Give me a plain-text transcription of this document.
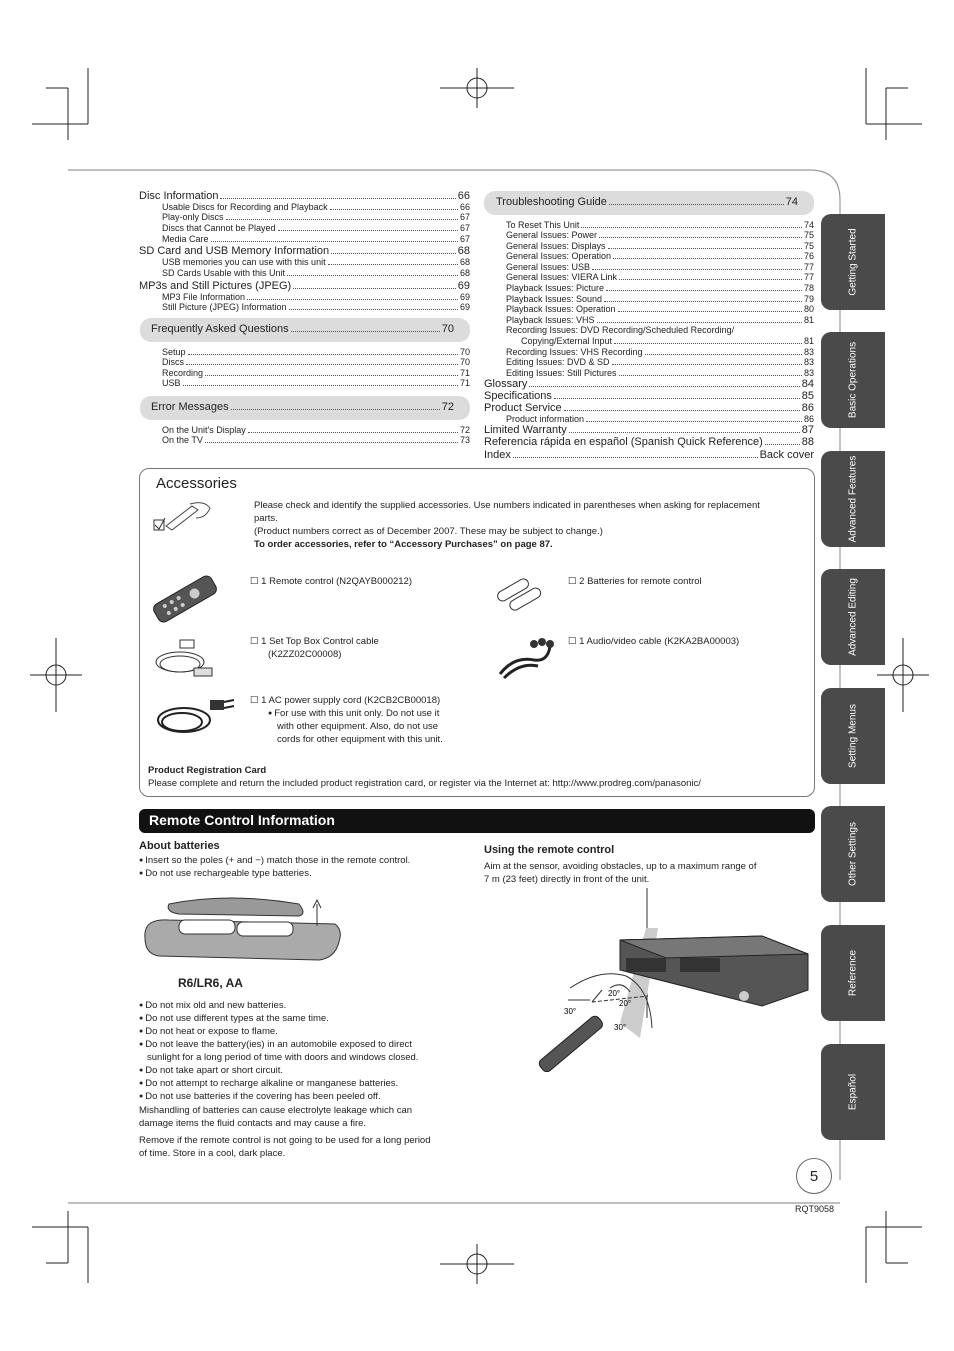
Disc Information	66
Usable Discs for Recording and Playback	66
Play-only Discs	67
Discs that Cannot be Played	67
Media Care	67
SD Card and USB Memory Information	68
USB memories you can use with this unit	68
SD Cards Usable with this Unit	68
MP3s and Still Pictures (JPEG)	69
MP3 File Information	69
Still Picture (JPEG) Information	69
Frequently Asked Questions	70
Setup	70
Discs	70
Recording	71
USB	71
Error Messages	72
On the Unit's Display	72
On the TV	73
Troubleshooting Guide	74
To Reset This Unit	74
General Issues: Power	75
General Issues: Displays	75
General Issues: Operation	76
General Issues: USB	77
General Issues: VIERA Link	77
Playback Issues: Picture	78
Playback Issues: Sound	79
Playback Issues: Operation	80
Playback Issues: VHS	81
Recording Issues: DVD Recording/Scheduled Recording/
Copying/External Input	81
Recording Issues: VHS Recording	83
Editing Issues: DVD & SD	83
Editing Issues: Still Pictures	83
Glossary	84
Specifications	85
Product Service	86
Product information	86
Limited Warranty	87
Referencia rápida en español (Spanish Quick Reference)	88
Index	Back cover
Accessories
Please check and identify the supplied accessories. Use numbers indicated in parentheses when asking for replacement parts.
(Product numbers correct as of December 2007. These may be subject to change.)
To order accessories, refer to “Accessory Purchases” on page 87.
☐ 1 Remote control (N2QAYB000212)	☐ 2 Batteries for remote control
☐ 1 Set Top Box Control cable
(K2ZZ02C00008)
☐ 1 Audio/video cable (K2KA2BA00003)
☐ 1 AC power supply cord (K2CB2CB00018)
● For use with this unit only. Do not use it
with other equipment. Also, do not use
cords for other equipment with this unit.
Product Registration Card
Please complete and return the included product registration card, or register via the Internet at: http://www.prodreg.com/panasonic/
Remote Control Information
About batteries
● Insert so the poles (+ and −) match those in the remote control.
● Do not use rechargeable type batteries.
R6/LR6, AA
● Do not mix old and new batteries.
● Do not use different types at the same time.
● Do not heat or expose to flame.
● Do not leave the battery(ies) in an automobile exposed to direct
sunlight for a long period of time with doors and windows closed.
● Do not take apart or short circuit.
● Do not attempt to recharge alkaline or manganese batteries.
● Do not use batteries if the covering has been peeled off.
Mishandling of batteries can cause electrolyte leakage which can
damage items the fluid contacts and may cause a fire.
Remove if the remote control is not going to be used for a long period
of time. Store in a cool, dark place.
Using the remote control
Aim at the sensor, avoiding obstacles, up to a maximum range of
7 m (23 feet) directly in front of the unit.
20°
20°
30°
30°
Getting Started
Basic Operations
Advanced Features
Advanced Editing
Setting Menus
Other Settings
Reference
Español
5
RQT9058
